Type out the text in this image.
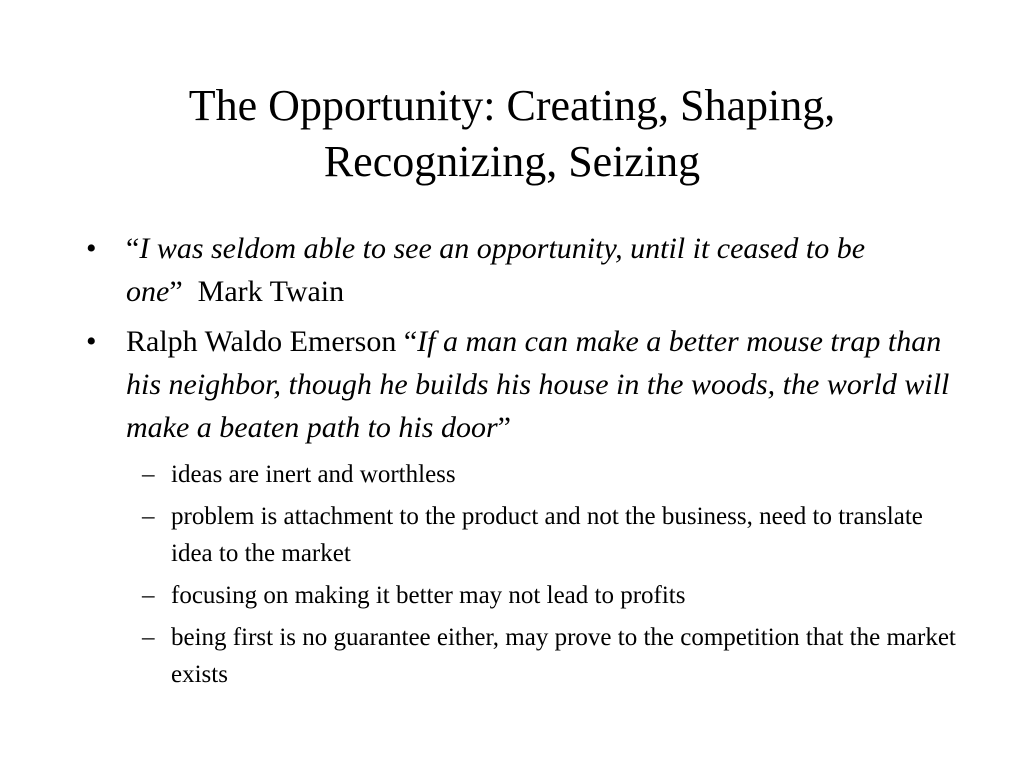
The Opportunity: Creating, Shaping,
Recognizing, Seizing
• “I was seldom able to see an opportunity, until it ceased to be one” Mark Twain
• Ralph Waldo Emerson “If a man can make a better mouse trap than his neighbor, though he builds his house in the woods, the world will make a beaten path to his door”
– ideas are inert and worthless
– problem is attachment to the product and not the business, need to translate idea to the market
– focusing on making it better may not lead to profits
– being first is no guarantee either, may prove to the competition that the market exists
